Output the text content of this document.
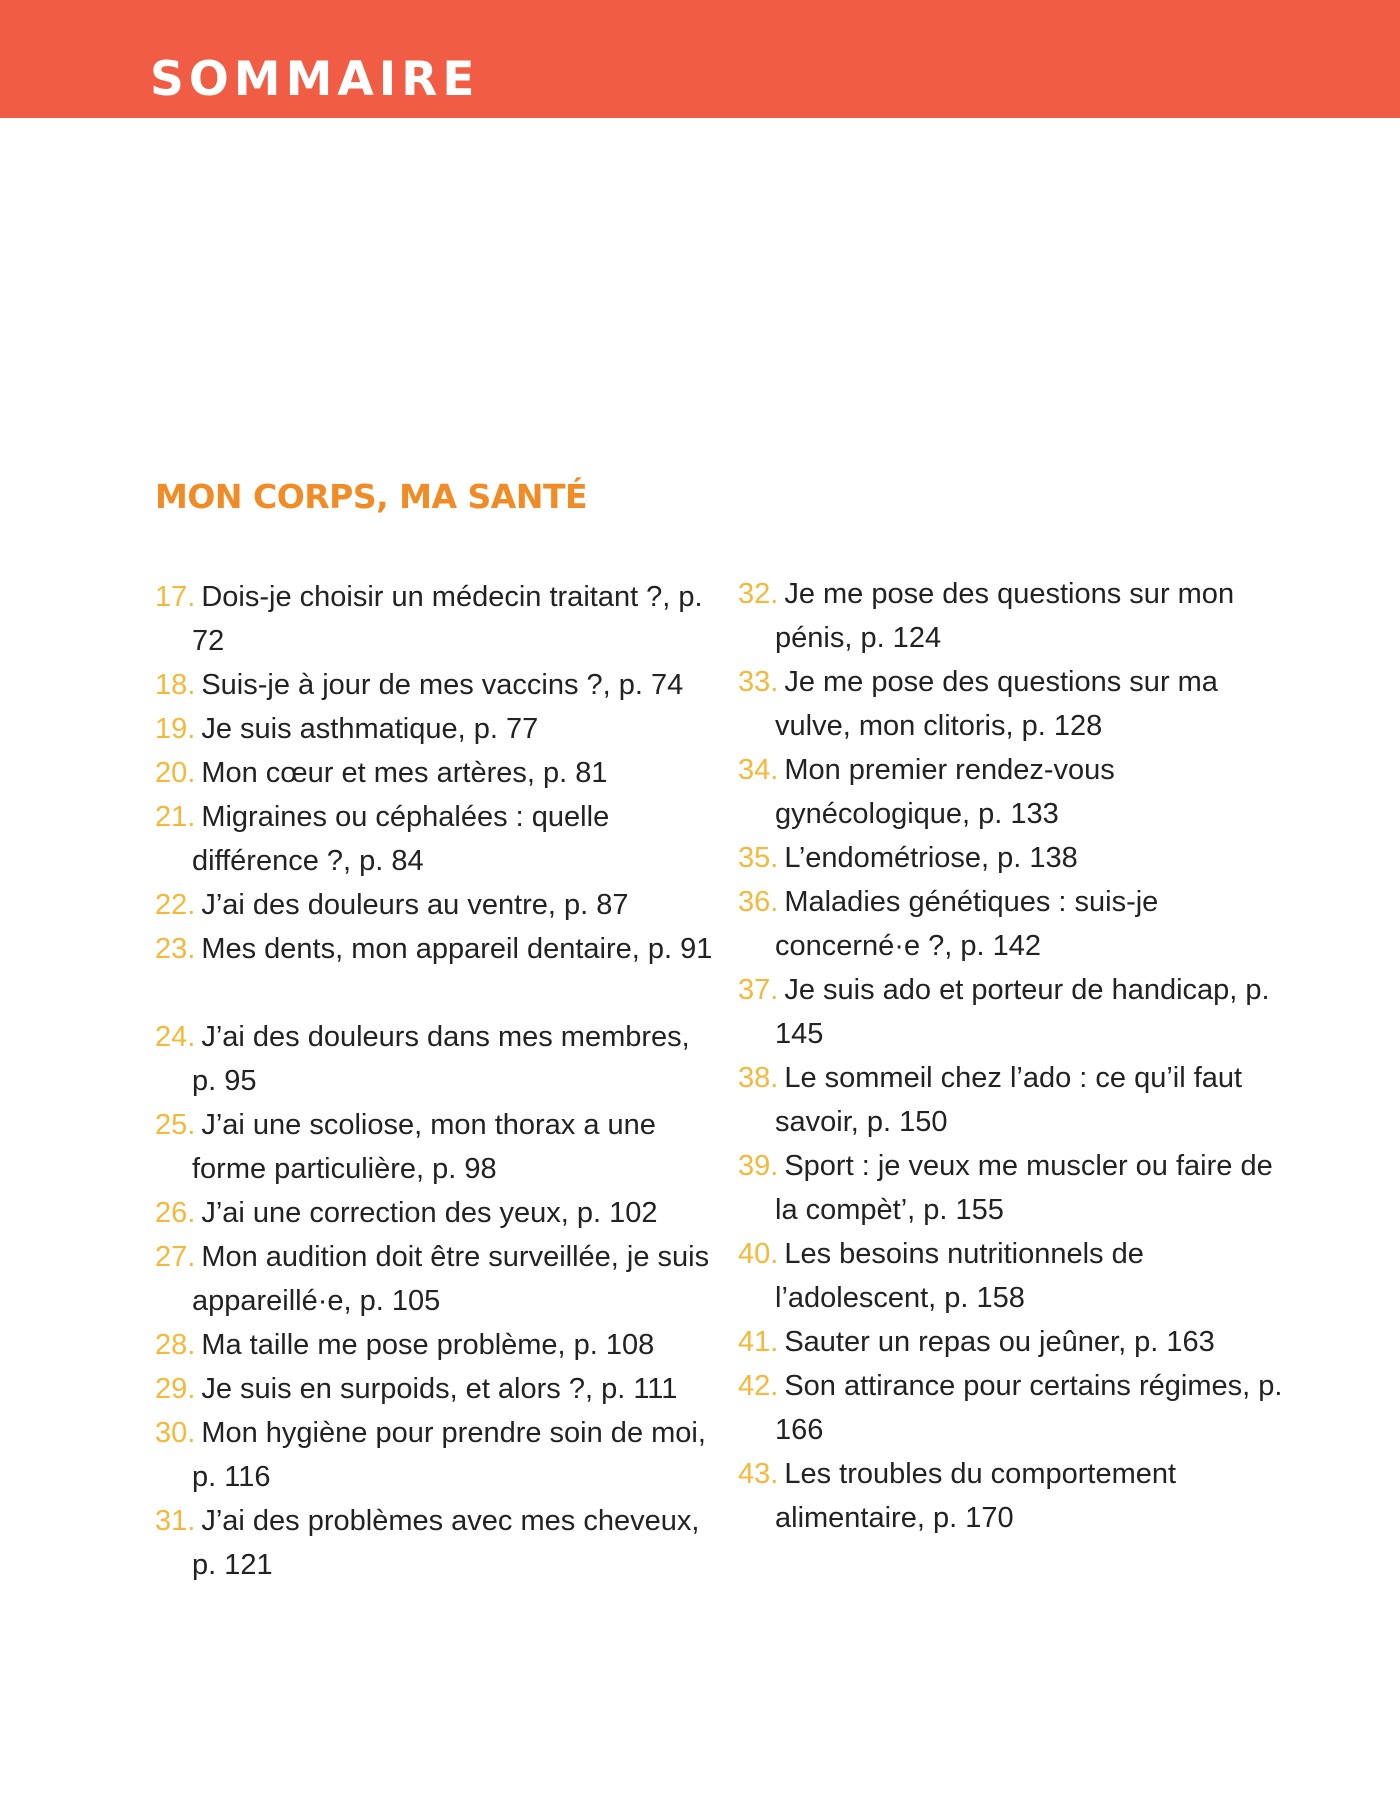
SOMMAIRE
MON CORPS, MA SANTÉ
17. Dois-je choisir un médecin traitant ?, p. 72
18. Suis-je à jour de mes vaccins ?, p. 74
19. Je suis asthmatique, p. 77
20. Mon cœur et mes artères, p. 81
21. Migraines ou céphalées : quelle différence ?, p. 84
22. J’ai des douleurs au ventre, p. 87
23. Mes dents, mon appareil dentaire, p. 91
24. J’ai des douleurs dans mes membres, p. 95
25. J’ai une scoliose, mon thorax a une forme particulière, p. 98
26. J’ai une correction des yeux, p. 102
27. Mon audition doit être surveillée, je suis appareillé·e, p. 105
28. Ma taille me pose problème, p. 108
29. Je suis en surpoids, et alors ?, p. 111
30. Mon hygiène pour prendre soin de moi, p. 116
31. J’ai des problèmes avec mes cheveux, p. 121
32. Je me pose des questions sur mon pénis, p. 124
33. Je me pose des questions sur ma vulve, mon clitoris, p. 128
34. Mon premier rendez-vous gynécologique, p. 133
35. L’endométriose, p. 138
36. Maladies génétiques : suis-je concerné·e ?, p. 142
37. Je suis ado et porteur de handicap, p. 145
38. Le sommeil chez l’ado : ce qu’il faut savoir, p. 150
39. Sport : je veux me muscler ou faire de la compèt’, p. 155
40. Les besoins nutritionnels de l’adolescent, p. 158
41. Sauter un repas ou jeûner, p. 163
42. Son attirance pour certains régimes, p. 166
43. Les troubles du comportement alimentaire, p. 170
